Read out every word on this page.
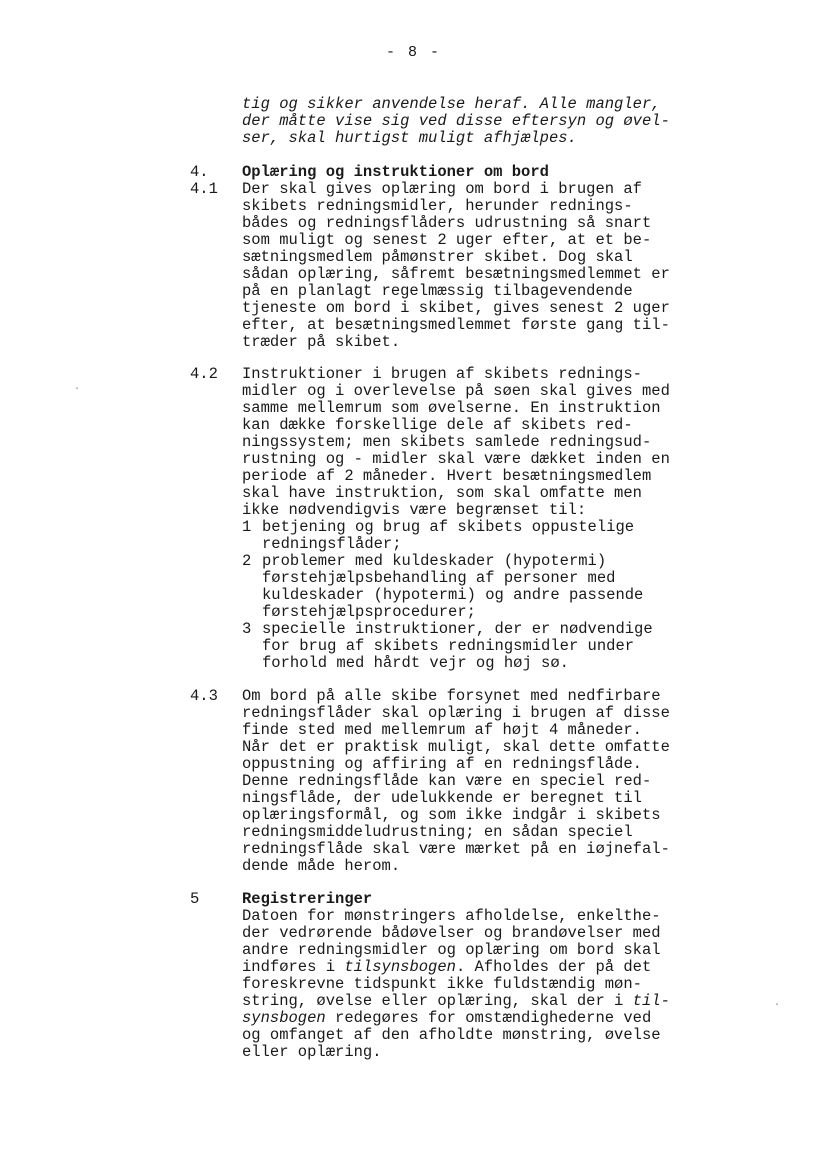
- 8 -
tig og sikker anvendelse heraf. Alle mangler,
der måtte vise sig ved disse eftersyn og øvel-
ser, skal hurtigst muligt afhjælpes.
4. Oplæring og instruktioner om bord
4.1 Der skal gives oplæring om bord i brugen af
skibets redningsmidler, herunder rednings-
bådes og redningsflåders udrustning så snart
som muligt og senest 2 uger efter, at et be-
sætningsmedlem påmønstrer skibet. Dog skal
sådan oplæring, såfremt besætningsmedlemmet er
på en planlagt regelmæssig tilbagevendende
tjeneste om bord i skibet, gives senest 2 uger
efter, at besætningsmedlemmet første gang til-
træder på skibet.
4.2 Instruktioner i brugen af skibets rednings-
midler og i overlevelse på søen skal gives med
samme mellemrum som øvelserne. En instruktion
kan dække forskellige dele af skibets red-
ningssystem; men skibets samlede redningsud-
rustning og - midler skal være dækket inden en
periode af 2 måneder. Hvert besætningsmedlem
skal have instruktion, som skal omfatte men
ikke nødvendigvis være begrænset til:
1 betjening og brug af skibets oppustelige
redningsflåder;
2 problemer med kuldeskader (hypotermi)
førstehjælpsbehandling af personer med
kuldeskader (hypotermi) og andre passende
førstehjælpsprocedurer;
3 specielle instruktioner, der er nødvendige
for brug af skibets redningsmidler under
forhold med hårdt vejr og høj sø.
4.3 Om bord på alle skibe forsynet med nedfirbare
redningsflåder skal oplæring i brugen af disse
finde sted med mellemrum af højt 4 måneder.
Når det er praktisk muligt, skal dette omfatte
oppustning og affiring af en redningsflåde.
Denne redningsflåde kan være en speciel red-
ningsflåde, der udelukkende er beregnet til
oplæringsformål, og som ikke indgår i skibets
redningsmiddeludrustning; en sådan speciel
redningsflåde skal være mærket på en iøjnefal-
dende måde herom.
5	Registreringer
Datoen for mønstringers afholdelse, enkelthe-
der vedrørende bådøvelser og brandøvelser med
andre redningsmidler og oplæring om bord skal
indføres i tilsynsbogen. Afholdes der på det
foreskrevne tidspunkt ikke fuldstændig møn-
string, øvelse eller oplæring, skal der i til-
synsbogen redegøres for omstændighederne ved
og omfanget af den afholdte mønstring, øvelse
eller oplæring.
·
·
